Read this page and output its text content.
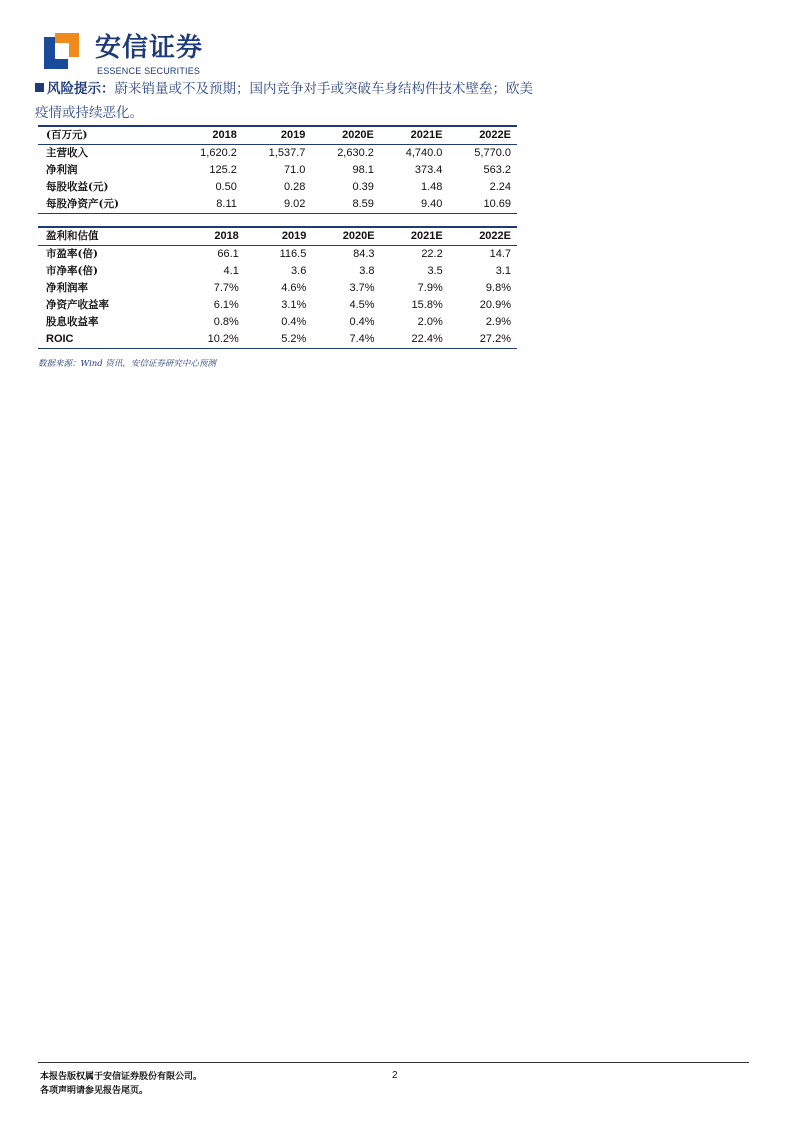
安信证券
ESSENCE SECURITIES
风险提示：蔚来销量或不及预期；国内竞争对手或突破车身结构件技术壁垒；欧美疫情或持续恶化。
(百万元)	2018	2019	2020E	2021E	2022E
主营收入	1,620.2	1,537.7	2,630.2	4,740.0	5,770.0
净利润	125.2	71.0	98.1	373.4	563.2
每股收益(元)	0.50	0.28	0.39	1.48	2.24
每股净资产(元)	8.11	9.02	8.59	9.40	10.69
盈利和估值	2018	2019	2020E	2021E	2022E
市盈率(倍)	66.1	116.5	84.3	22.2	14.7
市净率(倍)	4.1	3.6	3.8	3.5	3.1
净利润率	7.7%	4.6%	3.7%	7.9%	9.8%
净资产收益率	6.1%	3.1%	4.5%	15.8%	20.9%
股息收益率	0.8%	0.4%	0.4%	2.0%	2.9%
ROIC	10.2%	5.2%	7.4%	22.4%	27.2%
数据来源：Wind 资讯，安信证券研究中心预测
本报告版权属于安信证券股份有限公司。
各项声明请参见报告尾页。
2
